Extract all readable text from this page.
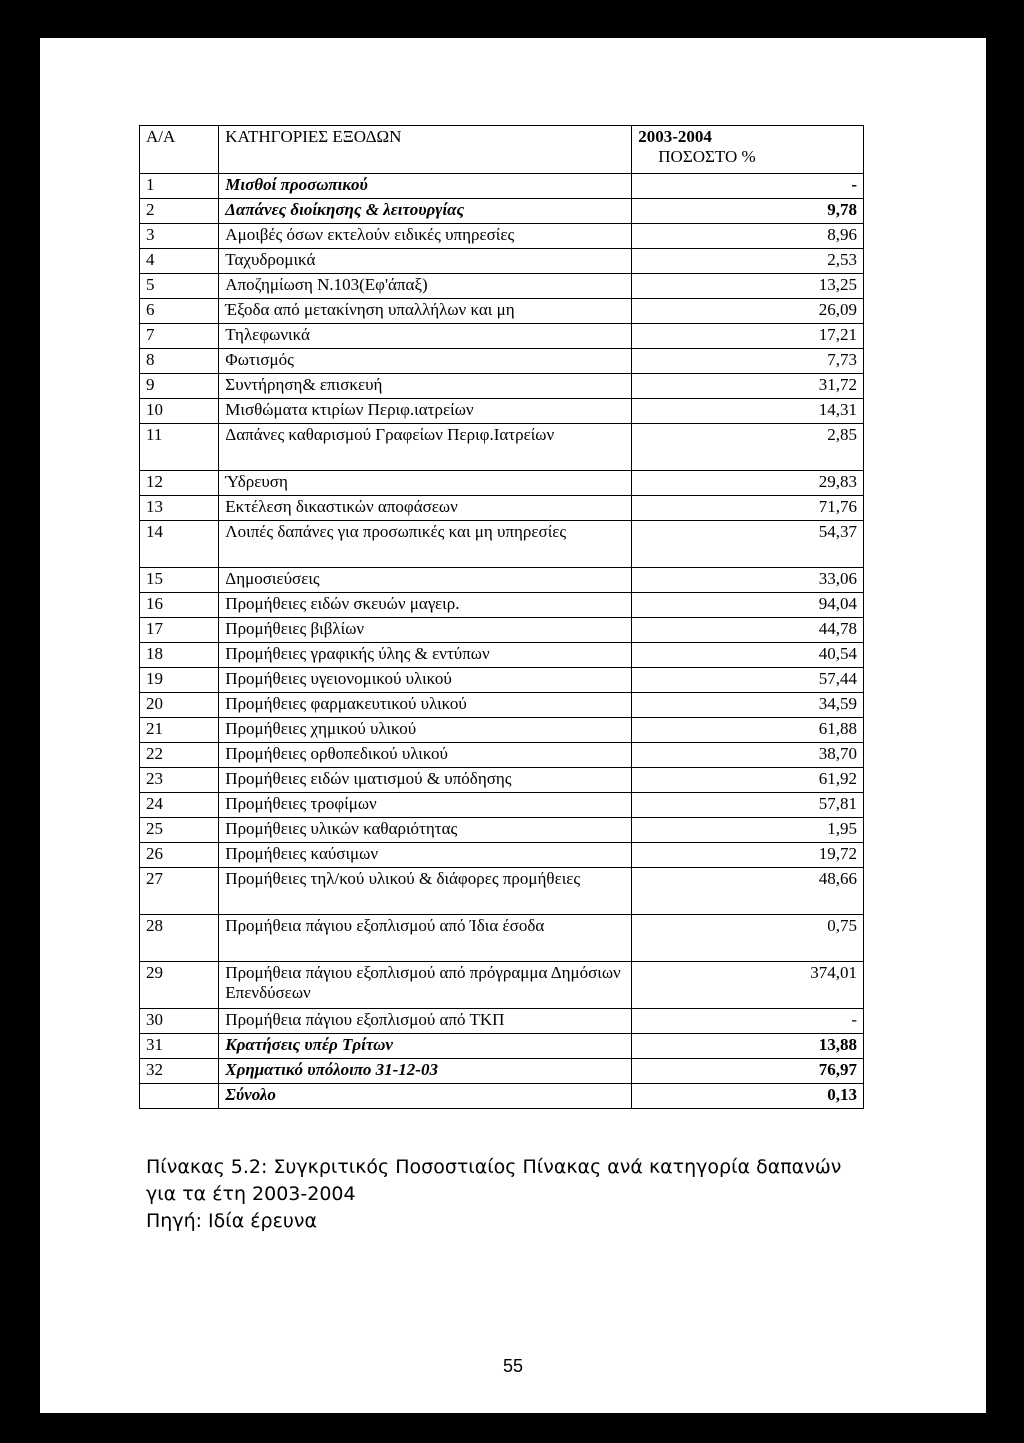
Α/Α	ΚΑΤΗΓΟΡΙΕΣ ΕΞΟΔΩΝ	2003-2004
ΠΟΣΟΣΤΟ %

1	Μισθοί προσωπικού	-
2	Δαπάνες διοίκησης & λειτουργίας	9,78
3	Αμοιβές όσων εκτελούν ειδικές υπηρεσίες	8,96
4	Ταχυδρομικά	2,53
5	Αποζημίωση Ν.103(Εφ'άπαξ)	13,25
6	Έξοδα από μετακίνηση υπαλλήλων και μη	26,09
7	Τηλεφωνικά	17,21
8	Φωτισμός	7,73
9	Συντήρηση& επισκευή	31,72
10	Μισθώματα κτιρίων Περιφ.ιατρείων	14,31
11	Δαπάνες καθαρισμού Γραφείων Περιφ.Ιατρείων	2,85
12	Ύδρευση	29,83
13	Εκτέλεση δικαστικών αποφάσεων	71,76
14	Λοιπές δαπάνες για προσωπικές και μη υπηρεσίες	54,37
15	Δημοσιεύσεις	33,06
16	Προμήθειες ειδών σκευών μαγειρ.	94,04
17	Προμήθειες βιβλίων	44,78
18	Προμήθειες γραφικής ύλης & εντύπων	40,54
19	Προμήθειες υγειονομικού υλικού	57,44
20	Προμήθειες φαρμακευτικού υλικού	34,59
21	Προμήθειες χημικού υλικού	61,88
22	Προμήθειες ορθοπεδικού υλικού	38,70
23	Προμήθειες ειδών ιματισμού & υπόδησης	61,92
24	Προμήθειες τροφίμων	57,81
25	Προμήθειες υλικών καθαριότητας	1,95
26	Προμήθειες καύσιμων	19,72
27	Προμήθειες τηλ/κού υλικού & διάφορες προμήθειες	48,66
28	Προμήθεια πάγιου εξοπλισμού από Ίδια έσοδα	0,75
29	Προμήθεια πάγιου εξοπλισμού από πρόγραμμα Δημόσιων Επενδύσεων	374,01
30	Προμήθεια πάγιου εξοπλισμού από ΤΚΠ	-
31	Κρατήσεις υπέρ Τρίτων	13,88
32	Χρηματικό υπόλοιπο 31-12-03	76,97
	Σύνολο	0,13
Πίνακας 5.2: Συγκριτικός Ποσοστιαίος Πίνακας ανά κατηγορία δαπανών
για τα έτη 2003-2004
Πηγή: Ιδία έρευνα
55
